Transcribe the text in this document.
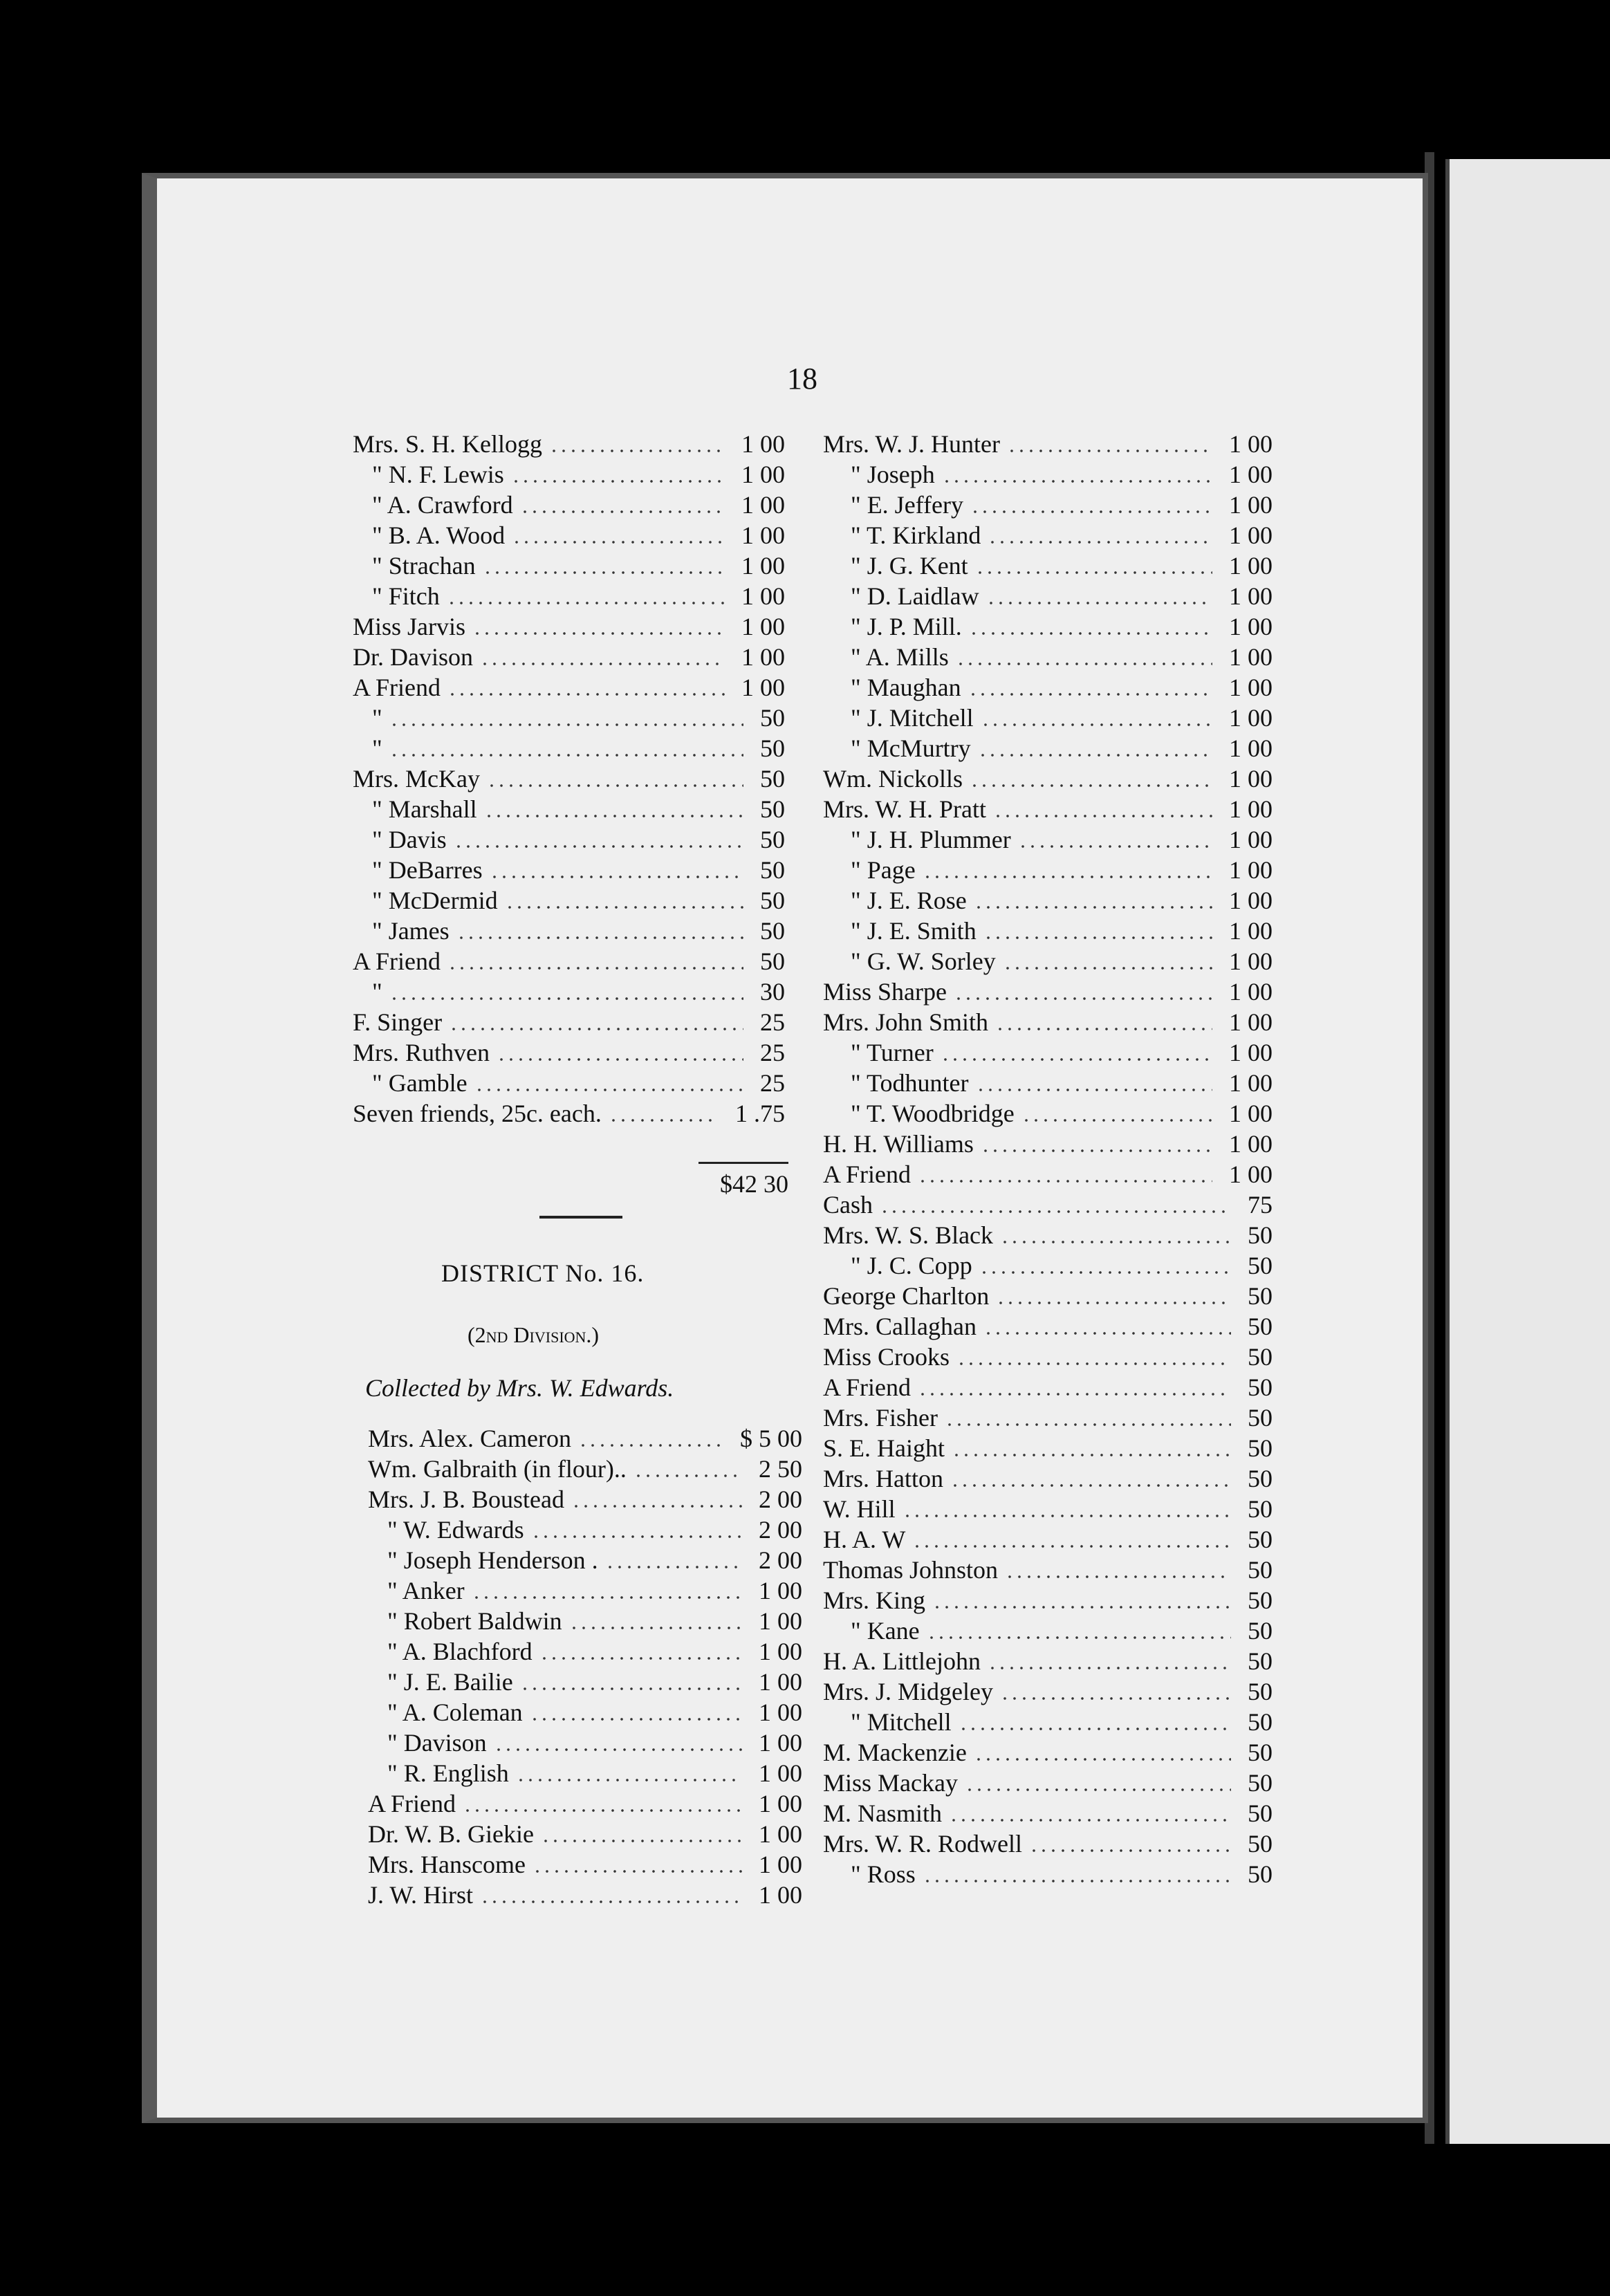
18
Mrs. S. H. Kellogg	1 00
" N. F. Lewis	1 00
" A. Crawford	1 00
" B. A. Wood	1 00
" Strachan	1 00
" Fitch	1 00
Miss Jarvis	1 00
Dr. Davison	1 00
A Friend	1 00
"	50
"	50
Mrs. McKay	50
" Marshall	50
" Davis	50
" DeBarres	50
" McDermid	50
" James	50
A Friend	50
"	30
F. Singer	25
Mrs. Ruthven	25
" Gamble	25
Seven friends, 25c. each.	1 .75
$42 30
DISTRICT No. 16.
(2nd Division.)
Collected by Mrs. W. Edwards.
Mrs. Alex. Cameron	$ 5 00
Wm. Galbraith (in flour)..	2 50
Mrs. J. B. Boustead	2 00
" W. Edwards	2 00
" Joseph Henderson .	2 00
" Anker	1 00
" Robert Baldwin	1 00
" A. Blachford	1 00
" J. E. Bailie	1 00
" A. Coleman	1 00
" Davison	1 00
" R. English	1 00
A Friend	1 00
Dr. W. B. Giekie	1 00
Mrs. Hanscome	1 00
J. W. Hirst	1 00
Mrs. W. J. Hunter	1 00
" Joseph	1 00
" E. Jeffery	1 00
" T. Kirkland	1 00
" J. G. Kent	1 00
" D. Laidlaw	1 00
" J. P. Mill.	1 00
" A. Mills	1 00
" Maughan	1 00
" J. Mitchell	1 00
" McMurtry	1 00
Wm. Nickolls	1 00
Mrs. W. H. Pratt	1 00
" J. H. Plummer	1 00
" Page	1 00
" J. E. Rose	1 00
" J. E. Smith	1 00
" G. W. Sorley	1 00
Miss Sharpe	1 00
Mrs. John Smith	1 00
" Turner	1 00
" Todhunter	1 00
" T. Woodbridge	1 00
H. H. Williams	1 00
A Friend	1 00
Cash	75
Mrs. W. S. Black	50
" J. C. Copp	50
George Charlton	50
Mrs. Callaghan	50
Miss Crooks	50
A Friend	50
Mrs. Fisher	50
S. E. Haight	50
Mrs. Hatton	50
W. Hill	50
H. A. W	50
Thomas Johnston	50
Mrs. King	50
" Kane	50
H. A. Littlejohn	50
Mrs. J. Midgeley	50
" Mitchell	50
M. Mackenzie	50
Miss Mackay	50
M. Nasmith	50
Mrs. W. R. Rodwell	50
" Ross	50
